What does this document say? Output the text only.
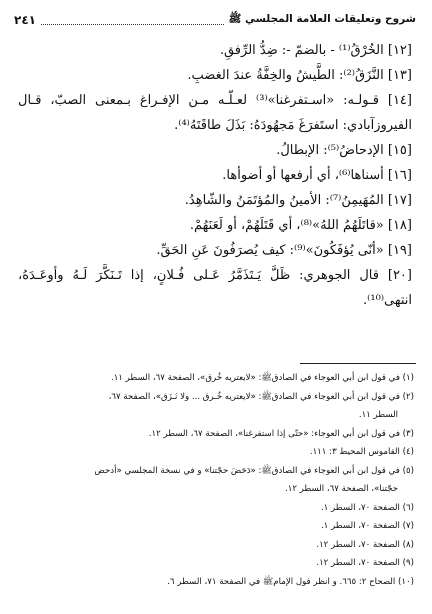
شروح وتعليقات العلامة المجلسي ﷺ
٢٤١
[١٢] الخُرْقُ⁽¹⁾ - بالضمّ -: ضِدُّ الرِّفقِ.
[١٣] النَّزَقُ⁽²⁾: الطَّيشُ والخِفَّةُ عندَ الغضبِ.
[١٤] قـولـه: «اسـتفرغنا»⁽³⁾ لعـلّـه مـن الإفـراغ بـمعنى الصبّ، قـال
الفيروزآبادي: استَفرَغَ مَجهُودَهُ: بَذَلَ طاقَتَهُ⁽⁴⁾.
[١٥] الإدحاضُ⁽⁵⁾: الإبطالُ.
[١٦] أسناها⁽⁶⁾، أي أرفعها أو أضوأها.
[١٧] المُهَيمِنُ⁽⁷⁾: الأمينُ والمُؤتَمَنُ والشّاهِدُ.
[١٨] «قاتَلَهُمُ اللهُ»⁽⁸⁾، أي قَتَلَهُمْ، أو لَعَنَهُمْ.
[١٩] «أنّى يُؤفَكُونَ»⁽⁹⁾: كيف يُصرَفُونَ عَنِ الحَقِّ.
[٢٠] قال الجوهري: ظَلَّ يَـتَذَمَّرُ عَـلى فُـلانٍ، إذا تَـنَكَّرَ لَـهُ وأوعَـدَهُ،
انتهى⁽¹⁰⁾.
(١) في قول ابن أبي العوجاء في الصادقﷺ: «لايعتريه خُرق»، الصفحة ٦٧، السطر ١١.
(٢) في قول ابن أبي العوجاء في الصادقﷺ: «لايعتريه خُـرق ... ولا نَـزَق»، الصفحة ٦٧،
السطر ١١.
(٣) في قول ابن أبي العوجاء: «حتّى إذا استفرغنا»، الصفحة ٦٧، السطر ١٢.
(٤) القاموس المحيط ٣: ١١١.
(٥) في قول ابن أبي العوجاء في الصادقﷺ: «دَحَضَ حجّتنا» و في نسخة المجلسي «أدحض
حجّتنا»، الصفحة ٦٧، السطر ١٢.
(٦) الصفحة ٧٠، السطر ١.
(٧) الصفحة ٧٠، السطر ١.
(٨) الصفحة ٧٠، السطر ١٢.
(٩) الصفحة ٧٠، السطر ١٢.
(١٠) الصحاح ٢: ٦٦٥. و انظر قول الإمامﷺ في الصفحة ٧١، السطر ٦.
